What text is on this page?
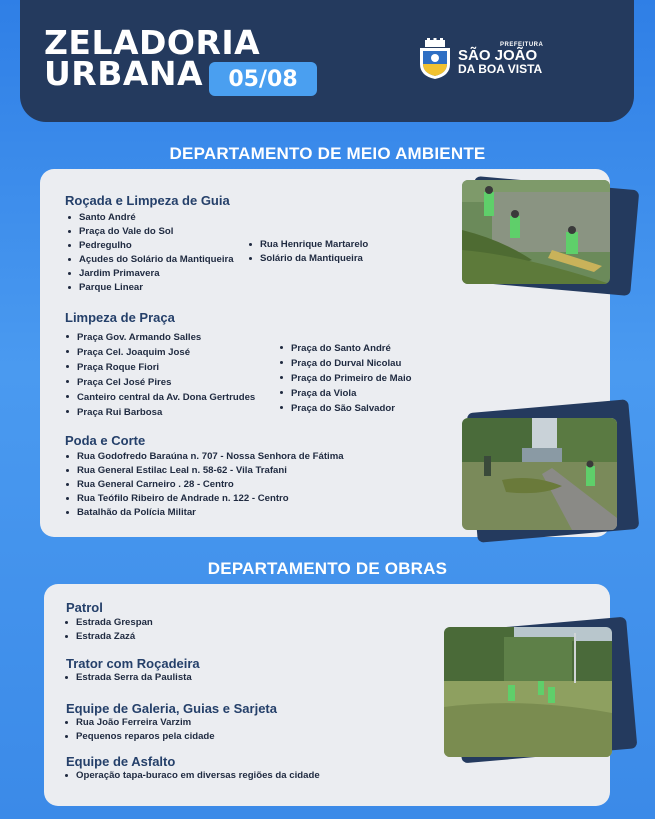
ZELADORIA
URBANA	05/08
PREFEITURA
SÃO JOÃO
DA BOA VISTA
DEPARTAMENTO DE MEIO AMBIENTE
Roçada e Limpeza de Guia
Santo André
Praça do Vale do Sol
Pedregulho
Açudes do Solário da Mantiqueira
Jardim Primavera
Parque Linear
Rua Henrique Martarelo
Solário da Mantiqueira
Limpeza de Praça
Praça Gov. Armando Salles
Praça Cel. Joaquim José
Praça Roque Fiori
Praça Cel José Pires
Canteiro central da Av. Dona Gertrudes
Praça Rui Barbosa
Praça do Santo André
Praça do Durval Nicolau
Praça do Primeiro de Maio
Praça da Viola
Praça do São Salvador
Poda e Corte
Rua Godofredo Baraúna n. 707 - Nossa Senhora de Fátima
Rua General Estilac Leal n. 58-62 - Vila Trafani
Rua General Carneiro . 28 - Centro
Rua Teófilo Ribeiro de Andrade n. 122 - Centro
Batalhão da Polícia Militar
DEPARTAMENTO DE OBRAS
Patrol
Estrada Grespan
Estrada Zazá
Trator com Roçadeira
Estrada Serra da Paulista
Equipe de Galeria, Guias e Sarjeta
Rua João Ferreira Varzim
Pequenos reparos pela cidade
Equipe de Asfalto
Operação tapa-buraco em diversas regiões da cidade
